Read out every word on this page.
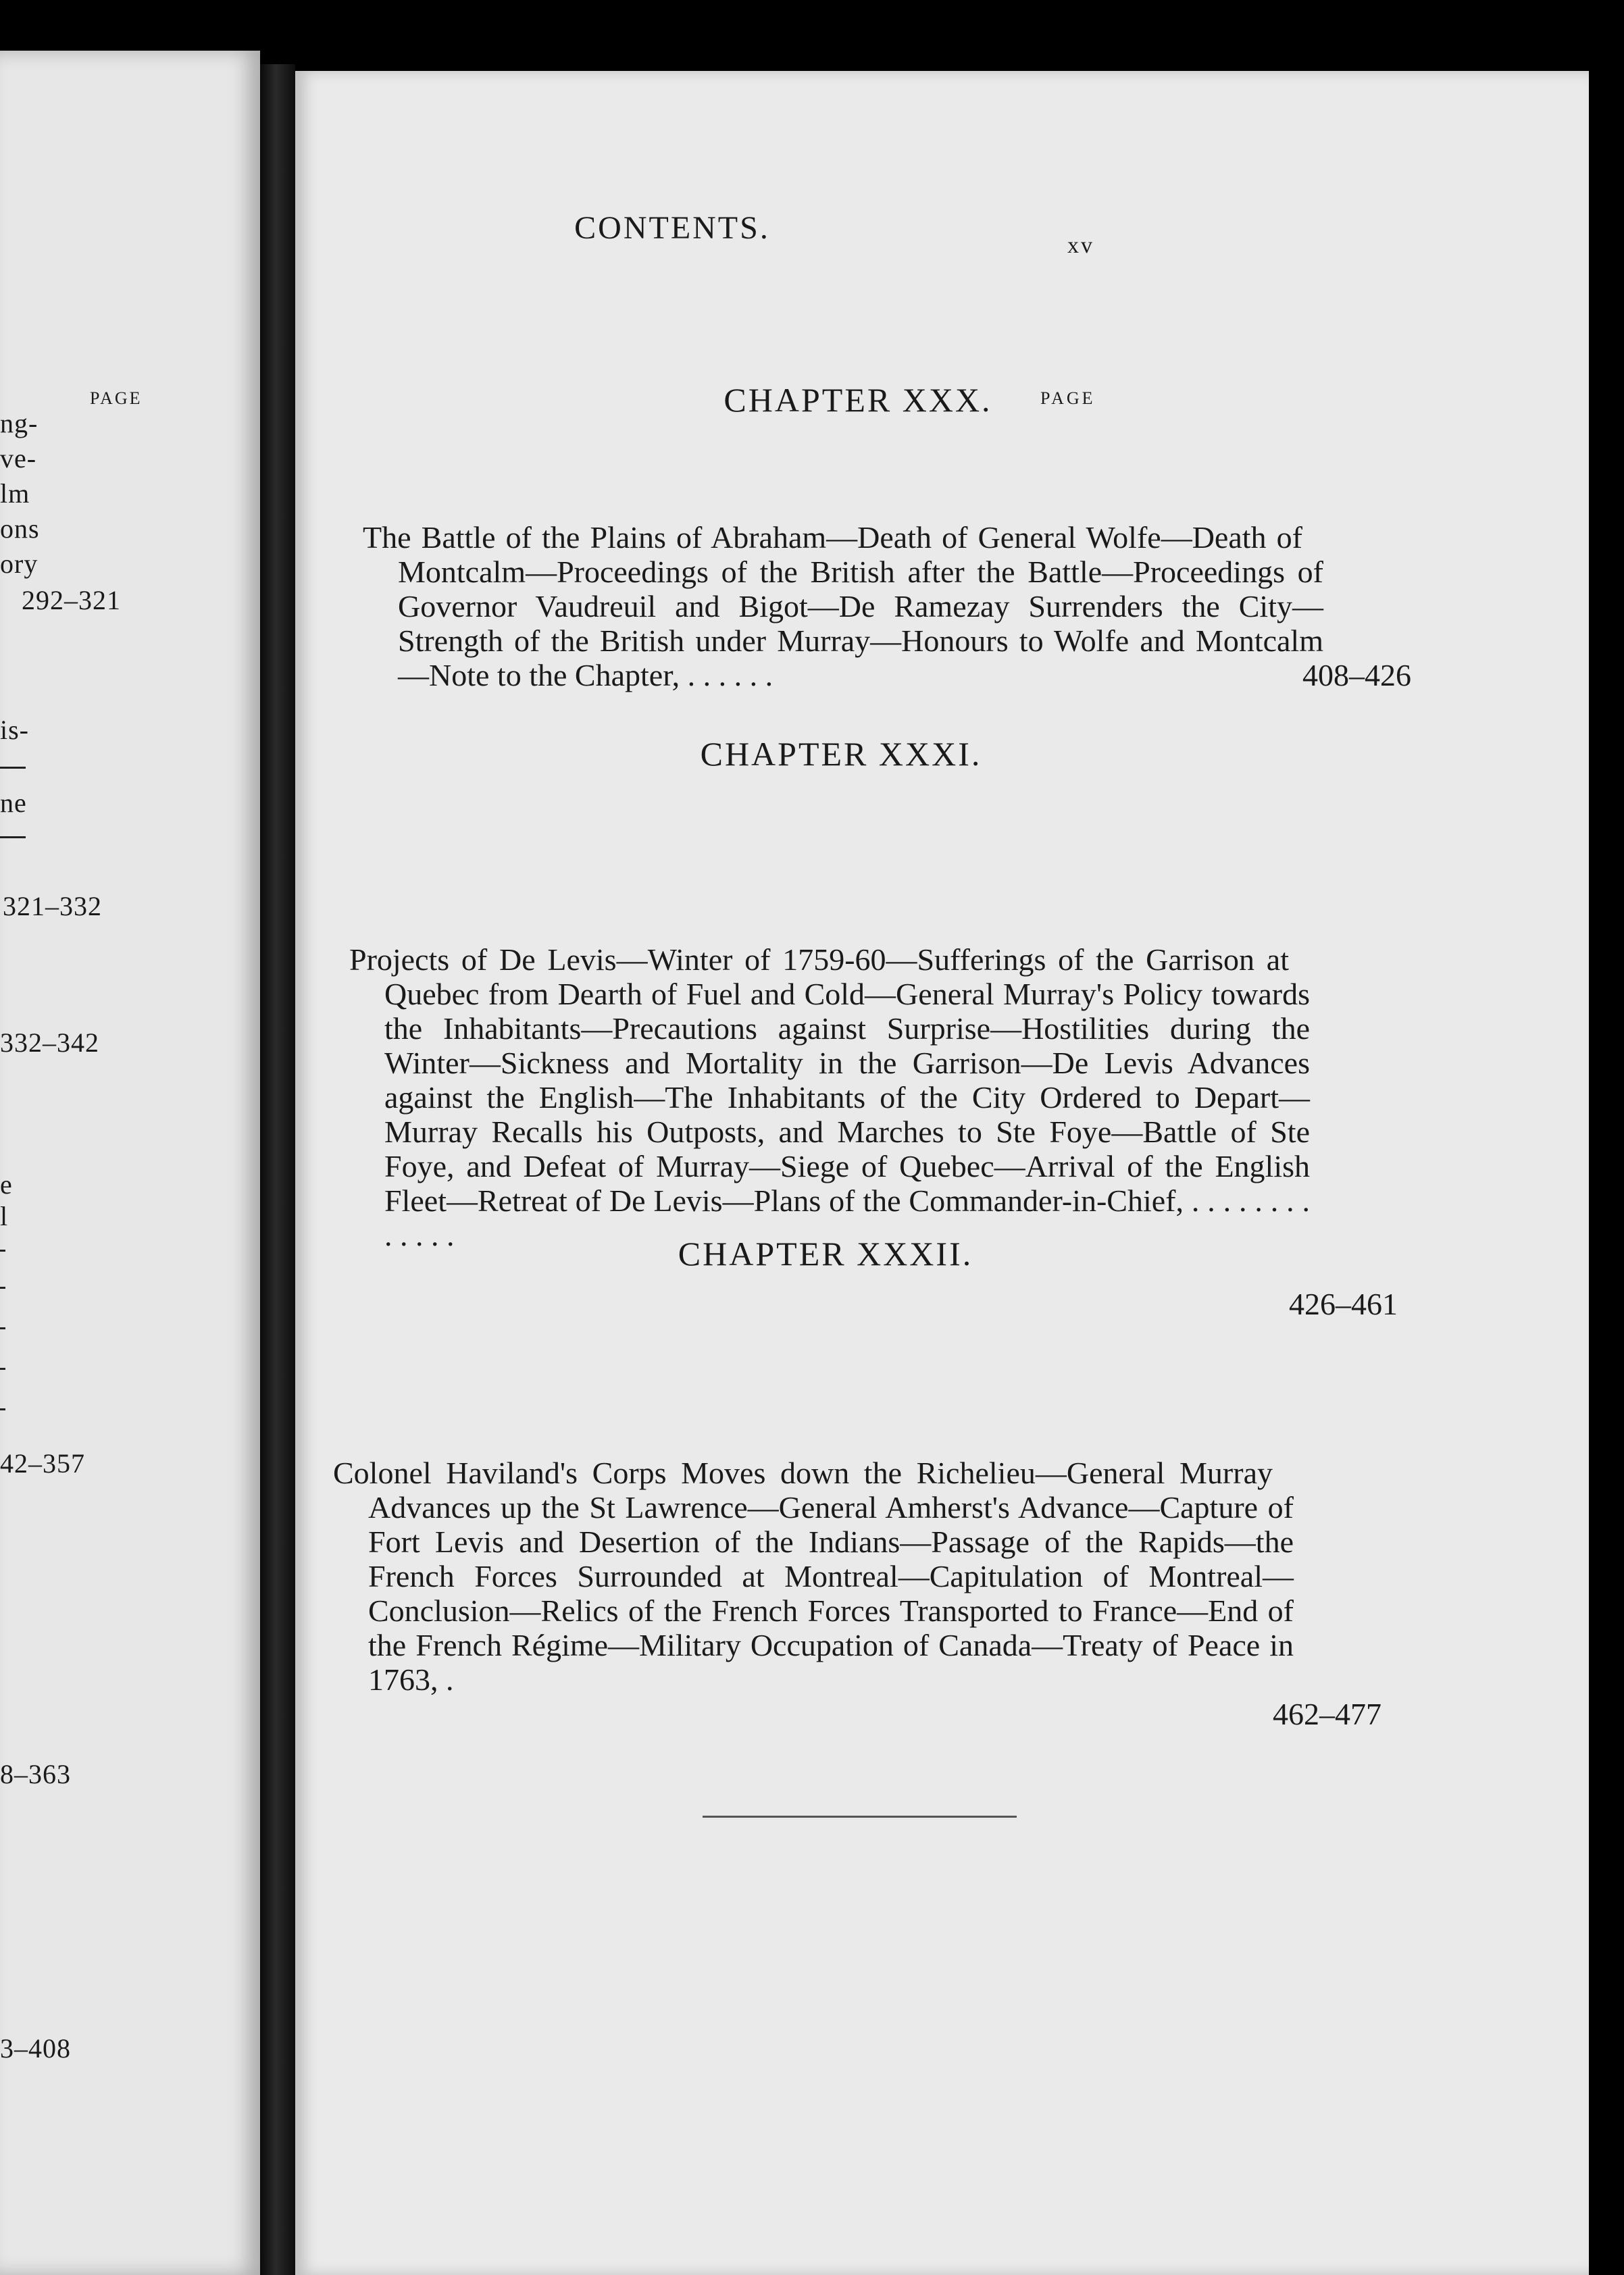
PAGE
ng-
ve-
lm
ons
ory
292–321
is-
ne
321–332
332–342
e
l
42–357
8–363
3–408
CONTENTS.	xv
PAGE
CHAPTER XXX.
408–426
The Battle of the Plains of Abraham—Death of General Wolfe—Death of Montcalm—Proceedings of the British after the Battle—Proceedings of Governor Vaudreuil and Bigot—De Ramezay Surrenders the City—Strength of the British under Murray—Honours to Wolfe and Montcalm—Note to the Chapter, . . . . . .
CHAPTER XXXI.
426–461
Projects of De Levis—Winter of 1759-60—Sufferings of the Garrison at Quebec from Dearth of Fuel and Cold—General Murray's Policy towards the Inhabitants—Precautions against Surprise—Hostilities during the Winter—Sickness and Mortality in the Garrison—De Levis Advances against the English—The Inhabitants of the City Ordered to Depart—Murray Recalls his Outposts, and Marches to Ste Foye—Battle of Ste Foye, and Defeat of Murray—Siege of Quebec—Arrival of the English Fleet—Retreat of De Levis—Plans of the Commander-in-Chief, . . . . . . . . . . . . .	CHAPTER XXXII.
462–477
Colonel Haviland's Corps Moves down the Richelieu—General Murray Advances up the St Lawrence—General Amherst's Advance—Capture of Fort Levis and Desertion of the Indians—Passage of the Rapids—the French Forces Surrounded at Montreal—Capitulation of Montreal—Conclusion—Relics of the French Forces Transported to France—End of the French Régime—Military Occupation of Canada—Treaty of Peace in 1763, .
